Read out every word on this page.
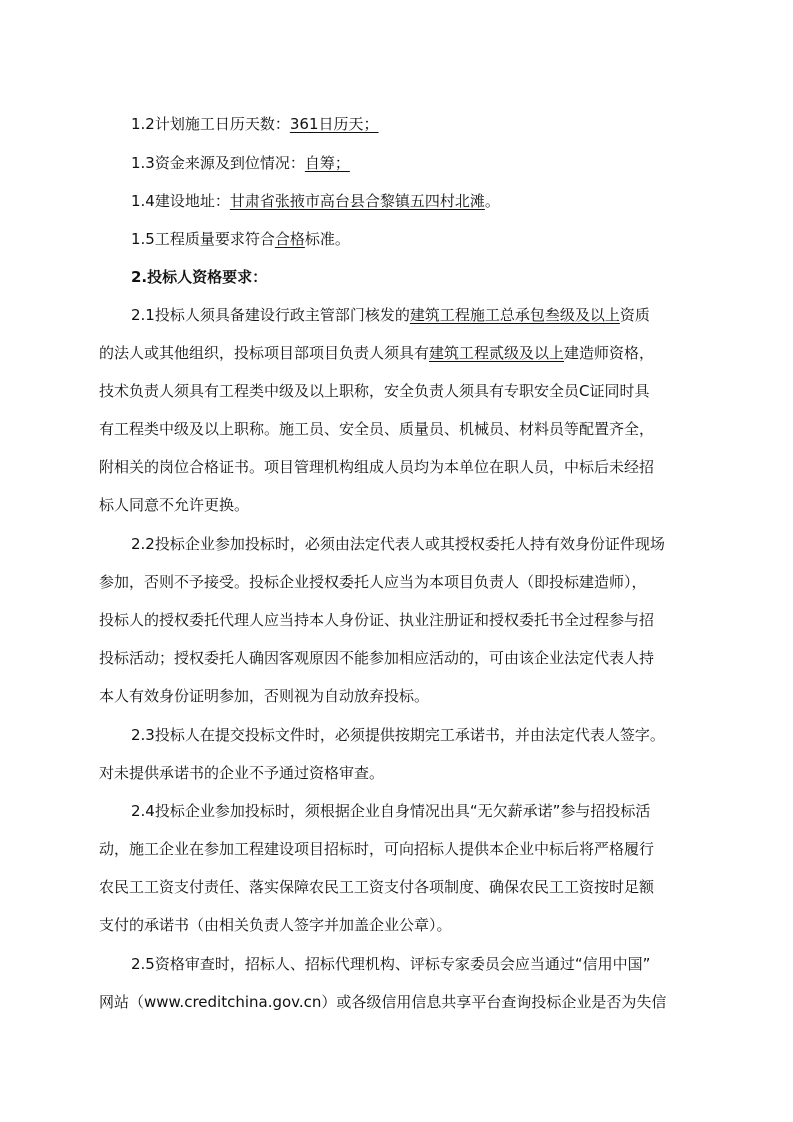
1.2计划施工日历天数：361日历天；
1.3资金来源及到位情况：自筹；
1.4建设地址：甘肃省张掖市高台县合黎镇五四村北滩。
1.5工程质量要求符合合格标准。
2.投标人资格要求：
2.1投标人须具备建设行政主管部门核发的建筑工程施工总承包叁级及以上资质
的法人或其他组织，投标项目部项目负责人须具有建筑工程贰级及以上建造师资格，
技术负责人须具有工程类中级及以上职称，安全负责人须具有专职安全员C证同时具
有工程类中级及以上职称。施工员、安全员、质量员、机械员、材料员等配置齐全，
附相关的岗位合格证书。项目管理机构组成人员均为本单位在职人员，中标后未经招
标人同意不允许更换。
2.2投标企业参加投标时，必须由法定代表人或其授权委托人持有效身份证件现场
参加，否则不予接受。投标企业授权委托人应当为本项目负责人（即投标建造师），
投标人的授权委托代理人应当持本人身份证、执业注册证和授权委托书全过程参与招
投标活动；授权委托人确因客观原因不能参加相应活动的，可由该企业法定代表人持
本人有效身份证明参加，否则视为自动放弃投标。
2.3投标人在提交投标文件时，必须提供按期完工承诺书，并由法定代表人签字。
对未提供承诺书的企业不予通过资格审查。
2.4投标企业参加投标时，须根据企业自身情况出具“无欠薪承诺”参与招投标活
动，施工企业在参加工程建设项目招标时，可向招标人提供本企业中标后将严格履行
农民工工资支付责任、落实保障农民工工资支付各项制度、确保农民工工资按时足额
支付的承诺书（由相关负责人签字并加盖企业公章）。
2.5资格审查时，招标人、招标代理机构、评标专家委员会应当通过“信用中国”
网站（www.creditchina.gov.cn）或各级信用信息共享平台查询投标企业是否为失信
